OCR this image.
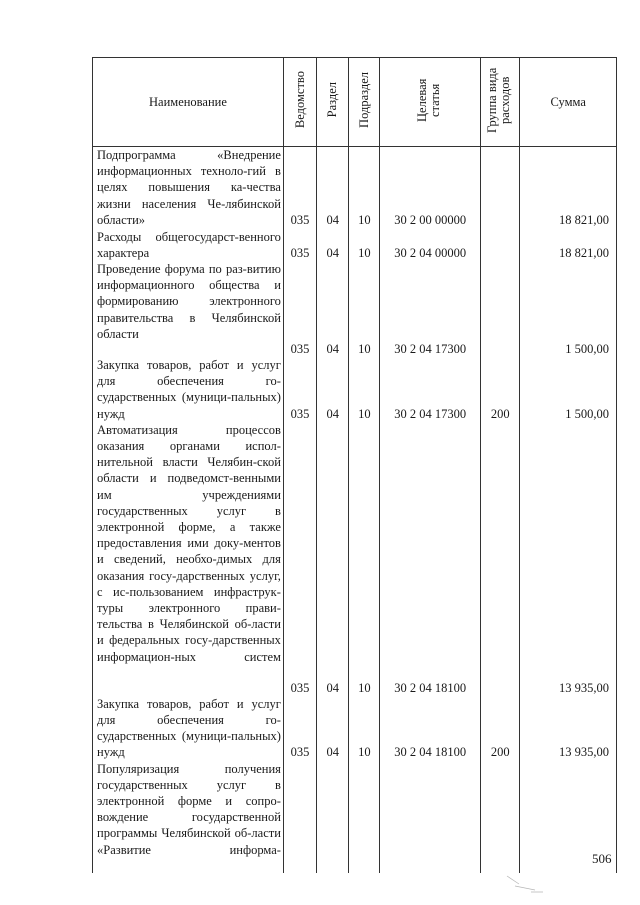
Наименование	Ведомство	Раздел	Подраздел	Целевая статья	Группа вида расходов	Сумма
Подпрограмма «Внедрение информационных техноло-гий в целях повышения ка-чества жизни населения Че-лябинской области»	035	04	10	30 2 00 00000		18 821,00
Расходы общегосударст-венного характера	035	04	10	30 2 04 00000		18 821,00
Проведение форума по раз-витию информационного общества и формированию электронного правительства в Челябинской области	035	04	10	30 2 04 17300		1 500,00
Закупка товаров, работ и услуг для обеспечения го-сударственных (муници-пальных) нужд	035	04	10	30 2 04 17300	200	1 500,00
Автоматизация процессов оказания органами испол-нительной власти Челябин-ской области и подведомст-венными им учреждениями государственных услуг в электронной форме, а также предоставления ими доку-ментов и сведений, необхо-димых для оказания госу-дарственных услуг, с ис-пользованием инфраструк-туры электронного прави-тельства в Челябинской об-ласти и федеральных госу-дарственных информацион-ных систем	035	04	10	30 2 04 18100		13 935,00
Закупка товаров, работ и услуг для обеспечения го-сударственных (муници-пальных) нужд	035	04	10	30 2 04 18100	200	13 935,00
Популяризация получения государственных услуг в электронной форме и сопро-вождение государственной программы Челябинской об-ласти «Развитие информа-						
506
